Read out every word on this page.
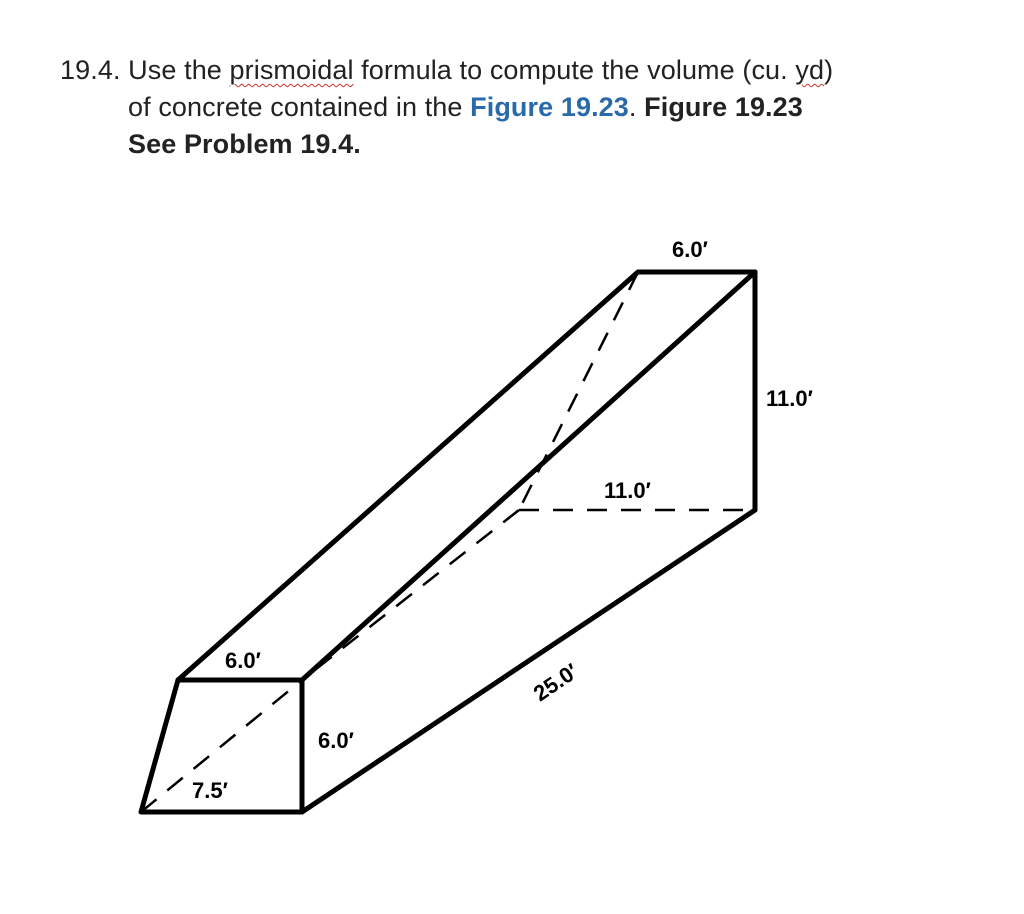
19.4. Use the prismoidal formula to compute the volume (cu. yd)
of concrete contained in the Figure 19.23. Figure 19.23
See Problem 19.4.
6.0′
11.0′
11.0′
6.0′
6.0′
7.5′
25.0′
